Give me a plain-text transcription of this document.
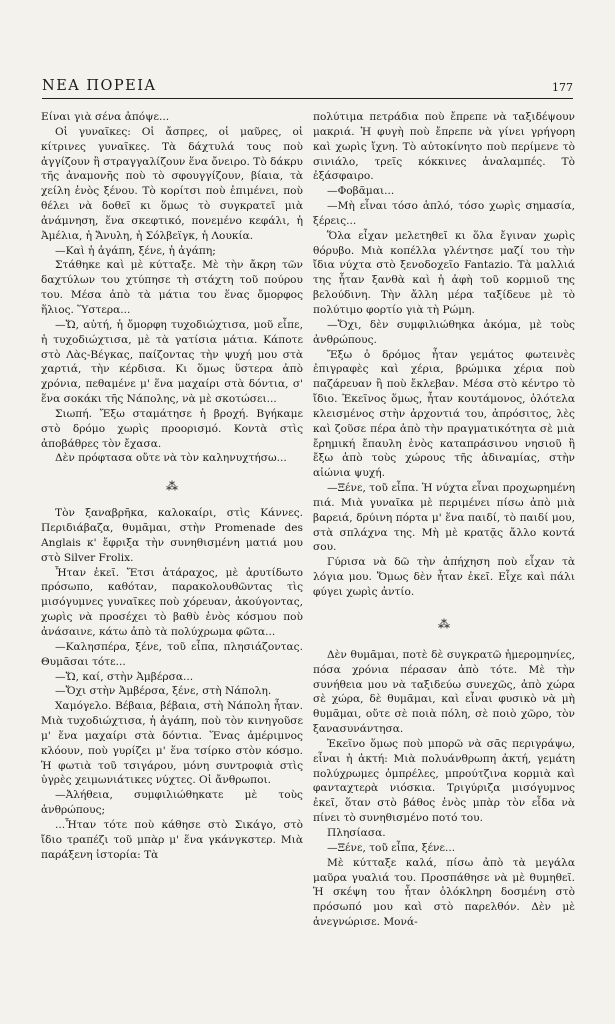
ΝΕΑ ΠΟΡΕΙΑ	177

Είναι γιὰ σένα ἀπόψε...

Οἱ γυναῖκες: Οἱ ἄσπρες, οἱ μαῦρες, οἱ κίτρινες γυναῖκες. Τὰ δάχτυλά τους ποὺ ἀγγίζουν ἢ στραγγαλίζουν ἕνα ὄνειρο. Τὸ δάκρυ τῆς ἀναμονῆς ποὺ τὸ σφουγγίζουν, βίαια, τὰ χείλη ἑνὸς ξένου. Τὸ κορίτσι ποὺ ἐπιμένει, ποὺ θέλει νὰ δοθεῖ κι ὅμως τὸ συγκρατεῖ μιὰ ἀνάμνηση, ἕνα σκεφτικό, πονεμένο κεφάλι, ἡ Ἀμέλια, ἡ Ἄνυλη, ἡ Σόλβεϊγκ, ἡ Λουκία.

—Καὶ ἡ ἀγάπη, ξένε, ἡ ἀγάπη;

Στάθηκε καὶ μὲ κύτταξε. Μὲ τὴν ἄκρη τῶν δαχτύλων του χτύπησε τὴ στάχτη τοῦ πούρου του. Μέσα ἀπὸ τὰ μάτια του ἕνας ὄμορφος ἥλιος. Ὕστερα...

—Ὤ, αὐτή, ἡ ὄμορφη τυχοδιώχτισα, μοῦ εἶπε, ἡ τυχοδιώχτισα, μὲ τὰ γατίσια μάτια. Κάποτε στὸ Λὰς-Βέγκας, παίζοντας τὴν ψυχή μου στὰ χαρτιά, τὴν κέρδισα. Κι ὅμως ὕστερα ἀπὸ χρόνια, πεθαμένε μ' ἕνα μαχαίρι στὰ δόντια, σ' ἕνα σοκάκι τῆς Νάπολης, νὰ μὲ σκοτώσει...

Σιωπή. Ἔξω σταμάτησε ἡ βροχή. Βγήκαμε στὸ δρόμο χωρὶς προορισμό. Κοντὰ στὶς ἀποβάθρες τὸν ἔχασα.

Δὲν πρόφτασα οὔτε νὰ τὸν καληνυχτήσω...

⁂

Τὸν ξαναβρῆκα, καλοκαίρι, στὶς Κάννες. Περιδιάβαζα, θυμᾶμαι, στὴν Promenade des Anglais κ' ἔφριξα τὴν συνηθισμένη ματιά μου στὸ Silver Frolix.

Ἦταν ἐκεῖ. Ἔτσι ἀτάραχος, μὲ ἀρυτίδωτο πρόσωπο, καθόταν, παρακολουθῶντας τὶς μισόγυμνες γυναῖκες ποὺ χόρευαν, ἀκούγοντας, χωρὶς νὰ προσέχει τὸ βαθὺ ἑνὸς κόσμου ποὺ ἀνάσαινε, κάτω ἀπὸ τὰ πολύχρωμα φῶτα...

—Καλησπέρα, ξένε, τοῦ εἶπα, πλησιάζοντας. Θυμᾶσαι τότε...

—Ὤ, καί, στὴν Ἀμβέρσα...

—Ὄχι στὴν Ἀμβέρσα, ξένε, στὴ Νάπολη.

Χαμόγελο. Βέβαια, βέβαια, στὴ Νάπολη ἦταν. Μιὰ τυχοδιώχτισα, ἡ ἀγάπη, ποὺ τὸν κινηγοῦσε μ' ἕνα μαχαίρι στὰ δόντια. Ἕνας ἀμέριμνος κλόουν, ποὺ γυρίζει μ' ἕνα τσίρκο στὸν κόσμο. Ἡ φωτιὰ τοῦ τσιγάρου, μόνη συντροφιὰ στὶς ὑγρὲς χειμωνιάτικες νύχτες. Οἱ ἄνθρωποι.

—Ἀλήθεια, συμφιλιώθηκατε μὲ τοὺς ἀνθρώπους;

...Ἦταν τότε ποὺ κάθησε στὸ Σικάγο, στὸ ἴδιο τραπέζι τοῦ μπὰρ μ' ἕνα γκάνγκστερ. Μιὰ παράξενη ἱστορία: Τὰ

πολύτιμα πετράδια ποὺ ἔπρεπε νὰ ταξιδέψουν μακριά. Ἡ φυγὴ ποὺ ἔπρεπε νὰ γίνει γρήγορη καὶ χωρὶς ἴχνη. Τὸ αὐτοκίνητο ποὺ περίμενε τὸ σινιάλο, τρεῖς κόκκινες ἀναλαμπές. Τὸ ἐξάσφαιρο.

—Φοβᾶμαι...

—Μὴ εἶναι τόσο ἁπλό, τόσο χωρὶς σημασία, ξέρεις...

Ὅλα εἶχαν μελετηθεῖ κι ὅλα ἔγιναν χωρὶς θόρυβο. Μιὰ κοπέλλα γλέντησε μαζί του τὴν ἴδια νύχτα στὸ ξενοδοχεῖο Fantazio. Τὰ μαλλιά της ἦταν ξανθὰ καὶ ἡ ἀφὴ τοῦ κορμιοῦ της βελούδινη. Τὴν ἄλλη μέρα ταξίδευε μὲ τὸ πολύτιμο φορτίο γιὰ τὴ Ρώμη.

—Ὄχι, δὲν συμφιλιώθηκα ἀκόμα, μὲ τοὺς ἀνθρώπους.

Ἔξω ὁ δρόμος ἦταν γεμάτος φωτεινὲς ἐπιγραφὲς καὶ χέρια, βρώμικα χέρια ποὺ παζάρευαν ἢ ποὺ ἔκλεβαν. Μέσα στὸ κέντρο τὸ ἴδιο. Ἐκεῖνος ὅμως, ἦταν κουτάμονος, ὁλότελα κλεισμένος στὴν ἀρχοντιά του, ἀπρόσιτος, λὲς καὶ ζοῦσε πέρα ἀπὸ τὴν πραγματικότητα σὲ μιὰ ἔρημική ἔπαυλη ἑνὸς καταπράσινου νησιοῦ ἢ ἔξω ἀπὸ τοὺς χώρους τῆς ἀδιναμίας, στὴν αἰώνια ψυχή.

—Ξένε, τοῦ εἶπα. Ἡ νύχτα εἶναι προχωρημένη πιά. Μιὰ γυναῖκα μὲ περιμένει πίσω ἀπὸ μιὰ βαρειά, δρύινη πόρτα μ' ἕνα παιδί, τὸ παιδί μου, στὰ σπλάχνα της. Μὴ μὲ κρατᾷς ἄλλο κοντά σου.

Γύρισα νὰ δῶ τὴν ἀπήχηση ποὺ εἶχαν τὰ λόγια μου. Ὅμως δὲν ἦταν ἐκεῖ. Εἶχε καὶ πάλι φύγει χωρὶς ἀντίο.

⁂

Δὲν θυμᾶμαι, ποτὲ δὲ συγκρατῶ ἡμερομηνίες, πόσα χρόνια πέρασαν ἀπὸ τότε. Μὲ τὴν συνήθεια μου νὰ ταξιδεύω συνεχῶς, ἀπὸ χώρα σὲ χώρα, δὲ θυμᾶμαι, καὶ εἶναι φυσικὸ νὰ μὴ θυμᾶμαι, οὔτε σὲ ποιὰ πόλη, σὲ ποιὸ χῶρο, τὸν ξανασυνάντησα.

Ἐκεῖνο ὅμως ποὺ μπορῶ νὰ σᾶς περιγράψω, εἶναι ἡ ἀκτή: Μιὰ πολυάνθρωπη ἀκτή, γεμάτη πολύχρωμες ὀμπρέλες, μπρούτζινα κορμιὰ καὶ φανταχτερὰ νιόσκια. Τριγύριζα μισόγυμνος ἐκεῖ, ὅταν στὸ βάθος ἑνὸς μπὰρ τὸν εἶδα νὰ πίνει τὸ συνηθισμένο ποτό του.

Πλησίασα.

—Ξένε, τοῦ εἶπα, ξένε...

Μὲ κύτταξε καλά, πίσω ἀπὸ τὰ μεγάλα μαῦρα γυαλιά του. Προσπάθησε νὰ μὲ θυμηθεῖ. Ἡ σκέψη του ἦταν ὁλόκληρη δοσμένη στὸ πρόσωπό μου καὶ στὸ παρελθόν. Δὲν μὲ ἀνεγνώρισε. Μονά-
